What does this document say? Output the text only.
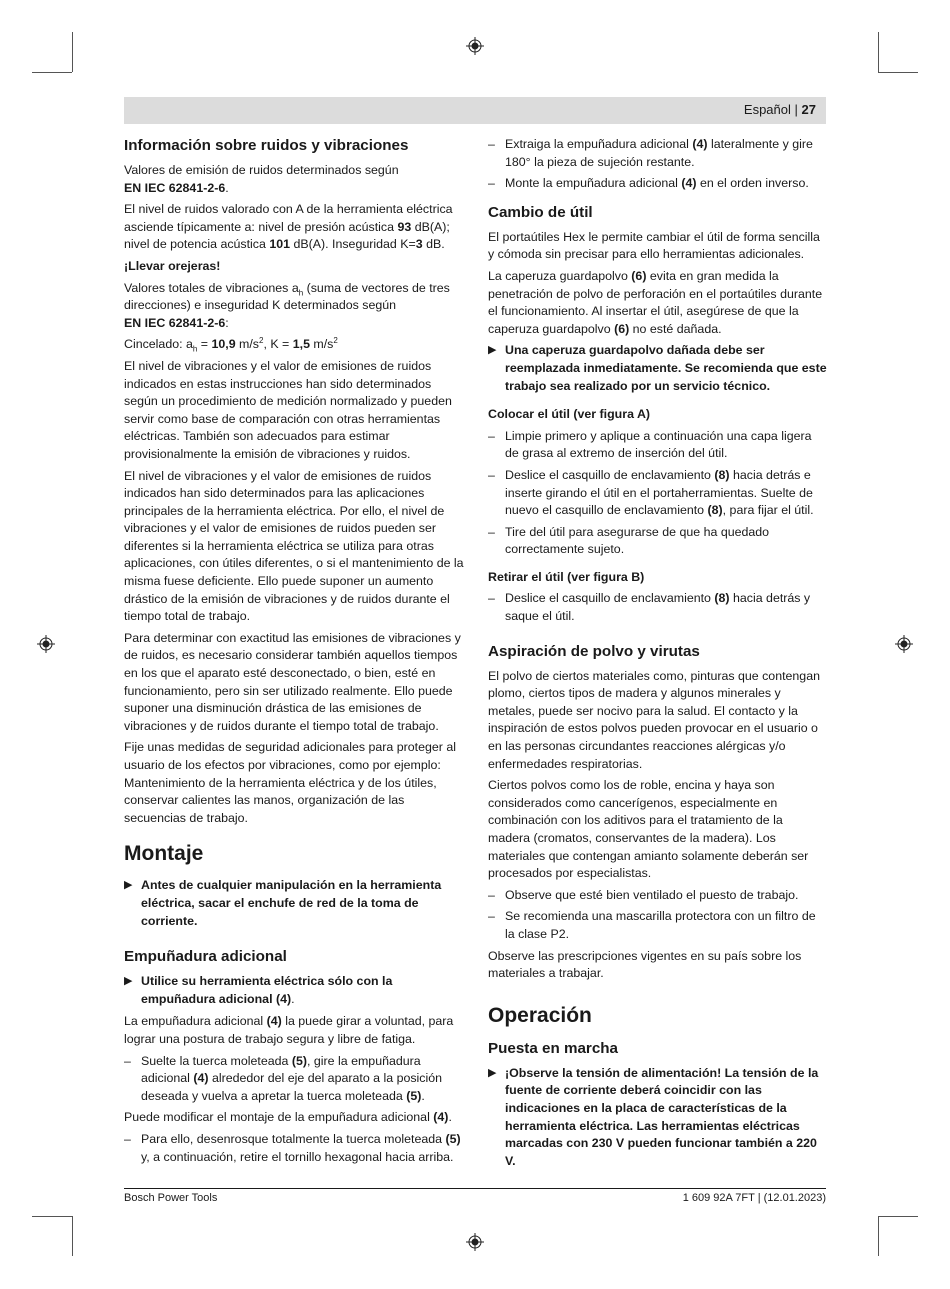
Español | 27
Información sobre ruidos y vibraciones

Valores de emisión de ruidos determinados según
EN IEC 62841-2-6.

El nivel de ruidos valorado con A de la herramienta eléctrica asciende típicamente a: nivel de presión acústica 93 dB(A); nivel de potencia acústica 101 dB(A). Inseguridad K=3 dB.

¡Llevar orejeras!

Valores totales de vibraciones $a_h$ (suma de vectores de tres direcciones) e inseguridad K determinados según
EN IEC 62841-2-6:

Cincelado: $a_h = 10,9$ $m/s^2$, K = 1,5 $m/s^2$

El nivel de vibraciones y el valor de emisiones de ruidos indicados en estas instrucciones han sido determinados según un procedimiento de medición normalizado y pueden servir como base de comparación con otras herramientas eléctricas. También son adecuados para estimar provisionalmente la emisión de vibraciones y ruidos.

El nivel de vibraciones y el valor de emisiones de ruidos indicados han sido determinados para las aplicaciones principales de la herramienta eléctrica. Por ello, el nivel de vibraciones y el valor de emisiones de ruidos pueden ser diferentes si la herramienta eléctrica se utiliza para otras aplicaciones, con útiles diferentes, o si el mantenimiento de la misma fuese deficiente. Ello puede suponer un aumento drástico de la emisión de vibraciones y de ruidos durante el tiempo total de trabajo.

Para determinar con exactitud las emisiones de vibraciones y de ruidos, es necesario considerar también aquellos tiempos en los que el aparato esté desconectado, o bien, esté en funcionamiento, pero sin ser utilizado realmente. Ello puede suponer una disminución drástica de las emisiones de vibraciones y de ruidos durante el tiempo total de trabajo.

Fije unas medidas de seguridad adicionales para proteger al usuario de los efectos por vibraciones, como por ejemplo: Mantenimiento de la herramienta eléctrica y de los útiles, conservar calientes las manos, organización de las secuencias de trabajo.

Montaje
▶ Antes de cualquier manipulación en la herramienta eléctrica, sacar el enchufe de red de la toma de corriente.
Empuñadura adicional
▶ Utilice su herramienta eléctrica sólo con la empuñadura adicional (4).

La empuñadura adicional (4) la puede girar a voluntad, para lograr una postura de trabajo segura y libre de fatiga.

– Suelte la tuerca moleteada (5), gire la empuñadura adicional (4) alrededor del eje del aparato a la posición deseada y vuelva a apretar la tuerca moleteada (5).

Puede modificar el montaje de la empuñadura adicional (4).

– Para ello, desenrosque totalmente la tuerca moleteada (5) y, a continuación, retire el tornillo hexagonal hacia arriba.
– Extraiga la empuñadura adicional (4) lateralmente y gire 180° la pieza de sujeción restante.
– Monte la empuñadura adicional (4) en el orden inverso.
Cambio de útil

El portaútiles Hex le permite cambiar el útil de forma sencilla y cómoda sin precisar para ello herramientas adicionales.

La caperuza guardapolvo (6) evita en gran medida la penetración de polvo de perforación en el portaútiles durante el funcionamiento. Al insertar el útil, asegúrese de que la caperuza guardapolvo (6) no esté dañada.

▶ Una caperuza guardapolvo dañada debe ser reemplazada inmediatamente. Se recomienda que este trabajo sea realizado por un servicio técnico.
Colocar el útil (ver figura A)
– Limpie primero y aplique a continuación una capa ligera de grasa al extremo de inserción del útil.
– Deslice el casquillo de enclavamiento (8) hacia detrás e inserte girando el útil en el portaherramientas. Suelte de nuevo el casquillo de enclavamiento (8), para fijar el útil.
– Tire del útil para asegurarse de que ha quedado correctamente sujeto.
Retirar el útil (ver figura B)
– Deslice el casquillo de enclavamiento (8) hacia detrás y saque el útil.
Aspiración de polvo y virutas

El polvo de ciertos materiales como, pinturas que contengan plomo, ciertos tipos de madera y algunos minerales y metales, puede ser nocivo para la salud. El contacto y la inspiración de estos polvos pueden provocar en el usuario o en las personas circundantes reacciones alérgicas y/o enfermedades respiratorias.

Ciertos polvos como los de roble, encina y haya son considerados como cancerígenos, especialmente en combinación con los aditivos para el tratamiento de la madera (cromatos, conservantes de la madera). Los materiales que contengan amianto solamente deberán ser procesados por especialistas.

– Observe que esté bien ventilado el puesto de trabajo.
– Se recomienda una mascarilla protectora con un filtro de la clase P2.

Observe las prescripciones vigentes en su país sobre los materiales a trabajar.

Operación
Puesta en marcha
▶ ¡Observe la tensión de alimentación! La tensión de la fuente de corriente deberá coincidir con las indicaciones en la placa de características de la herramienta eléctrica. Las herramientas eléctricas marcadas con 230 V pueden funcionar también a 220 V.
Bosch Power Tools	1 609 92A 7FT | (12.01.2023)
